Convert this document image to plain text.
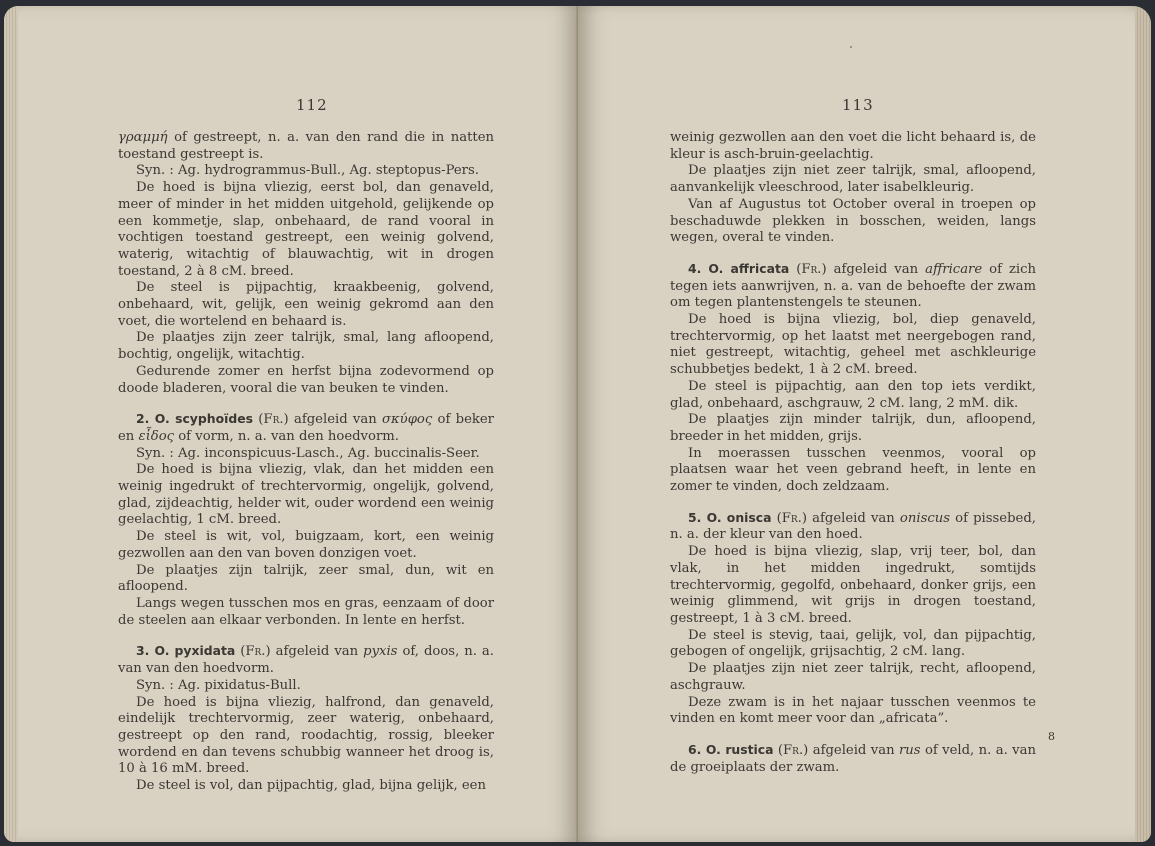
112

γραμμή of gestreept, n. a. van den rand die in natten toestand gestreept is.

Syn. : Ag. hydrogrammus-Bull., Ag. steptopus-Pers.

De hoed is bijna vliezig, eerst bol, dan genaveld, meer of minder in het midden uitgehold, gelijkende op een kommetje, slap, onbehaard, de rand vooral in vochtigen toestand gestreept, een weinig golvend, waterig, witachtig of blauwachtig, wit in drogen toestand, 2 à 8 cM. breed.

De steel is pijpachtig, kraakbeenig, golvend, onbehaard, wit, gelijk, een weinig gekromd aan den voet, die wortelend en behaard is.

De plaatjes zijn zeer talrijk, smal, lang afloopend, bochtig, ongelijk, witachtig.

Gedurende zomer en herfst bijna zodevormend op doode bladeren, vooral die van beuken te vinden.

2. O. scyphoïdes (Fr.) afgeleid van σκύφος of beker en εἶδος of vorm, n. a. van den hoedvorm.

Syn. : Ag. inconspicuus-Lasch., Ag. buccinalis-Seer.

De hoed is bijna vliezig, vlak, dan het midden een weinig ingedrukt of trechtervormig, ongelijk, golvend, glad, zijdeachtig, helder wit, ouder wordend een weinig geelachtig, 1 cM. breed.

De steel is wit, vol, buigzaam, kort, een weinig gezwollen aan den van boven donzigen voet.

De plaatjes zijn talrijk, zeer smal, dun, wit en afloopend.

Langs wegen tusschen mos en gras, eenzaam of door de steelen aan elkaar verbonden. In lente en herfst.

3. O. pyxidata (Fr.) afgeleid van pyxis of, doos, n. a. van van den hoedvorm.

Syn. : Ag. pixidatus-Bull.

De hoed is bijna vliezig, halfrond, dan genaveld, eindelijk trechtervormig, zeer waterig, onbehaard, gestreept op den rand, roodachtig, rossig, bleeker wordend en dan tevens schubbig wanneer het droog is, 10 à 16 mM. breed.

De steel is vol, dan pijpachtig, glad, bijna gelijk, een

113

weinig gezwollen aan den voet die licht behaard is, de kleur is asch-bruin-geelachtig.

De plaatjes zijn niet zeer talrijk, smal, afloopend, aanvankelijk vleeschrood, later isabelkleurig.

Van af Augustus tot October overal in troepen op beschaduwde plekken in bosschen, weiden, langs wegen, overal te vinden.

4. O. affricata (Fr.) afgeleid van affricare of zich tegen iets aanwrijven, n. a. van de behoefte der zwam om tegen plantenstengels te steunen.

De hoed is bijna vliezig, bol, diep genaveld, trechtervormig, op het laatst met neergebogen rand, niet gestreept, witachtig, geheel met aschkleurige schubbetjes bedekt, 1 à 2 cM. breed.

De steel is pijpachtig, aan den top iets verdikt, glad, onbehaard, aschgrauw, 2 cM. lang, 2 mM. dik.

De plaatjes zijn minder talrijk, dun, afloopend, breeder in het midden, grijs.

In moerassen tusschen veenmos, vooral op plaatsen waar het veen gebrand heeft, in lente en zomer te vinden, doch zeldzaam.

5. O. onisca (Fr.) afgeleid van oniscus of pissebed, n. a. der kleur van den hoed.

De hoed is bijna vliezig, slap, vrij teer, bol, dan vlak, in het midden ingedrukt, somtijds trechtervormig, gegolfd, onbehaard, donker grijs, een weinig glimmend, wit grijs in drogen toestand, gestreept, 1 à 3 cM. breed.

De steel is stevig, taai, gelijk, vol, dan pijpachtig, gebogen of ongelijk, grijsachtig, 2 cM. lang.

De plaatjes zijn niet zeer talrijk, recht, afloopend, aschgrauw.

Deze zwam is in het najaar tusschen veenmos te vinden en komt meer voor dan „africata”.

6. O. rustica (Fr.) afgeleid van rus of veld, n. a. van de groeiplaats der zwam.

8
